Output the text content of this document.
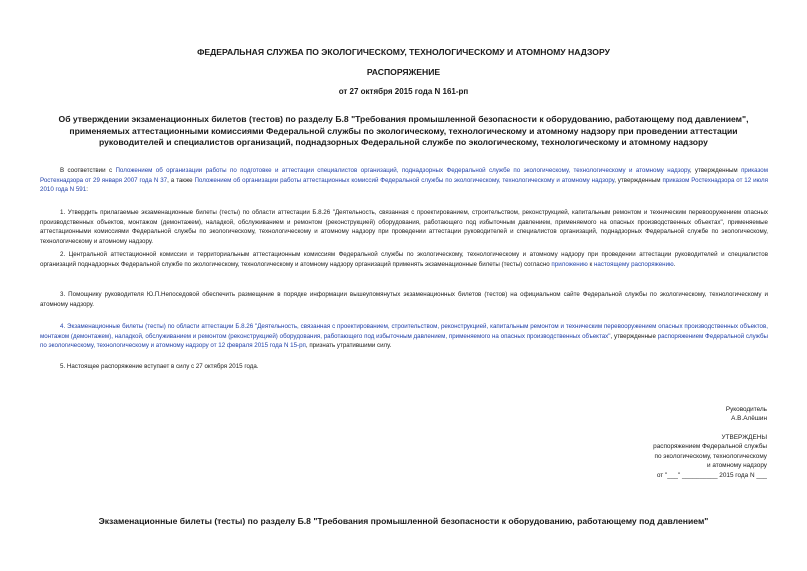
ФЕДЕРАЛЬНАЯ СЛУЖБА ПО ЭКОЛОГИЧЕСКОМУ, ТЕХНОЛОГИЧЕСКОМУ И АТОМНОМУ НАДЗОРУ
РАСПОРЯЖЕНИЕ
от 27 октября 2015 года N 161-рп
Об утверждении экзаменационных билетов (тестов) по разделу Б.8 "Требования промышленной безопасности к оборудованию, работающему под давлением",
применяемых аттестационными комиссиями Федеральной службы по экологическому, технологическому и атомному надзору при проведении аттестации
руководителей и специалистов организаций, поднадзорных Федеральной службе по экологическому, технологическому и атомному надзору
В соответствии с Положением об организации работы по подготовке и аттестации специалистов организаций, поднадзорных Федеральной службе по экологическому, технологическому и атомному надзору, утвержденным приказом Ростехнадзора от 29 января 2007 года N 37, а также Положением об организации работы аттестационных комиссий Федеральной службы по экологическому, технологическому и атомному надзору, утвержденным приказом Ростехнадзора от 12 июля 2010 года N 591:
1. Утвердить прилагаемые экзаменационные билеты (тесты) по области аттестации Б.8.26 "Деятельность, связанная с проектированием, строительством, реконструкцией, капитальным ремонтом и техническим перевооружением опасных производственных объектов, монтажом (демонтажем), наладкой, обслуживанием и ремонтом (реконструкцией) оборудования, работающего под избыточным давлением, применяемого на опасных производственных объектах", применяемые аттестационными комиссиями Федеральной службы по экологическому, технологическому и атомному надзору при проведении аттестации руководителей и специалистов организаций, поднадзорных Федеральной службе по экологическому, технологическому и атомному надзору.
2. Центральной аттестационной комиссии и территориальным аттестационным комиссиям Федеральной службы по экологическому, технологическому и атомному надзору при проведении аттестации руководителей и специалистов организаций поднадзорных Федеральной службе по экологическому, технологическому и атомному надзору организаций применять экзаменационные билеты (тесты) согласно приложению к настоящему распоряжению.
3. Помощнику руководителя Ю.П.Непоседовой обеспечить размещение в порядке информации вышеупомянутых экзаменационных билетов (тестов) на официальном сайте Федеральной службы по экологическому, технологическому и атомному надзору.
4. Экзаменационные билеты (тесты) по области аттестации Б.8.26 "Деятельность, связанная с проектированием, строительством, реконструкцией, капитальным ремонтом и техническим перевооружением опасных производственных объектов, монтажом (демонтажем), наладкой, обслуживанием и ремонтом (реконструкцией) оборудования, работающего под избыточным давлением, применяемого на опасных производственных объектах", утвержденные распоряжением Федеральной службы по экологическому, технологическому и атомному надзору от 12 февраля 2015 года N 15-рп, признать утратившими силу.
5. Настоящее распоряжение вступает в силу с 27 октября 2015 года.
Руководитель
А.В.Алёшин
УТВЕРЖДЕНЫ
распоряжением Федеральной службы
по экологическому, технологическому
и атомному надзору
от "___" __________ 2015 года N ___
Экзаменационные билеты (тесты) по разделу Б.8 "Требования промышленной безопасности к оборудованию, работающему под давлением"
